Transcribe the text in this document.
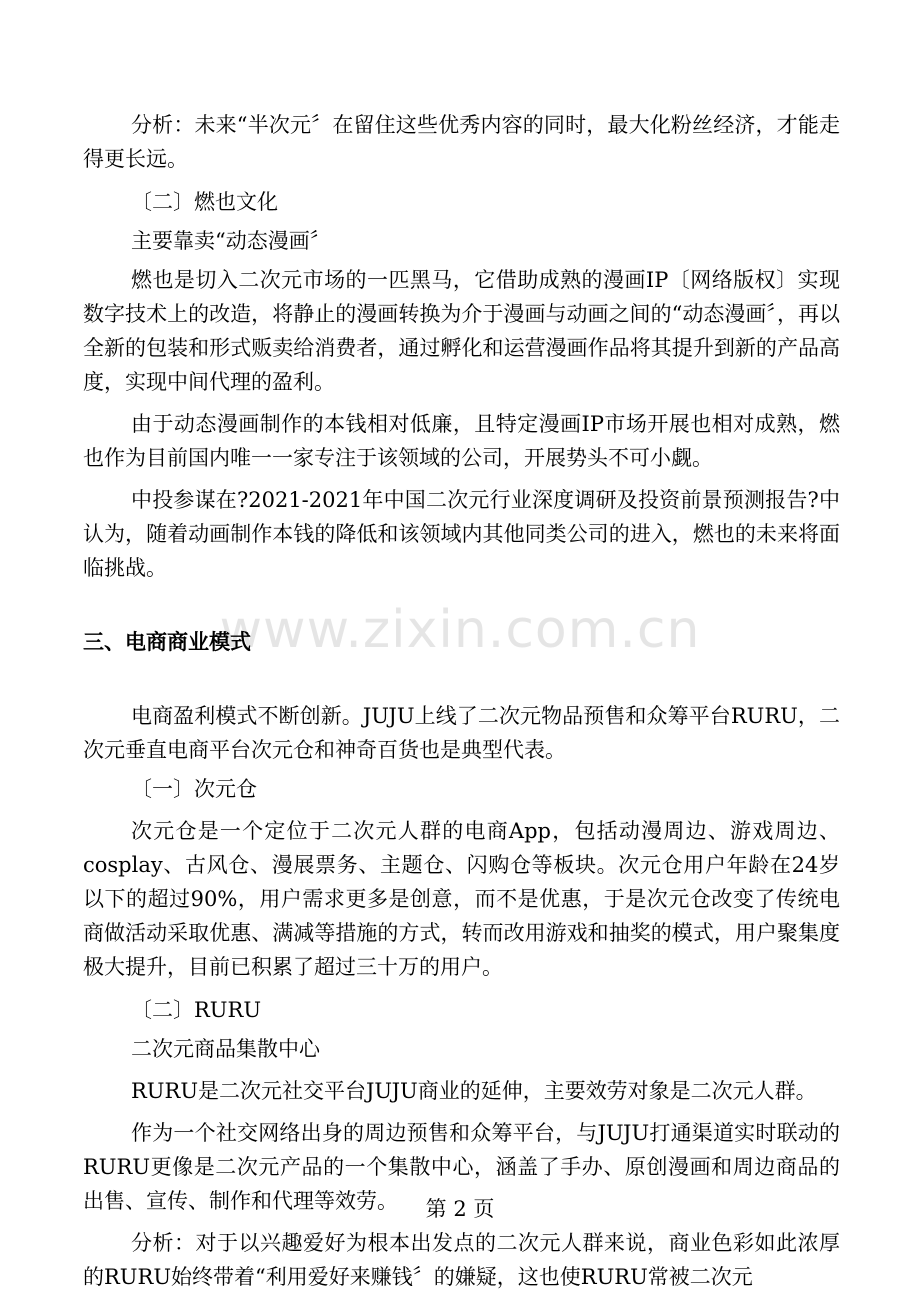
www.zixin.com.cn

分析：未来“半次元〞在留住这些优秀内容的同时，最大化粉丝经济，才能走得更长远。

〔二〕燃也文化

主要靠卖“动态漫画〞

燃也是切入二次元市场的一匹黑马，它借助成熟的漫画IP〔网络版权〕实现数字技术上的改造，将静止的漫画转换为介于漫画与动画之间的“动态漫画〞，再以全新的包装和形式贩卖给消费者，通过孵化和运营漫画作品将其提升到新的产品高度，实现中间代理的盈利。

由于动态漫画制作的本钱相对低廉，且特定漫画IP市场开展也相对成熟，燃也作为目前国内唯一一家专注于该领域的公司，开展势头不可小觑。

中投参谋在?2021-2021年中国二次元行业深度调研及投资前景预测报告?中认为，随着动画制作本钱的降低和该领域内其他同类公司的进入，燃也的未来将面临挑战。

三、电商商业模式

电商盈利模式不断创新。JUJU上线了二次元物品预售和众筹平台RURU，二次元垂直电商平台次元仓和神奇百货也是典型代表。

〔一〕次元仓

次元仓是一个定位于二次元人群的电商App，包括动漫周边、游戏周边、cosplay、古风仓、漫展票务、主题仓、闪购仓等板块。次元仓用户年龄在24岁以下的超过90%，用户需求更多是创意，而不是优惠，于是次元仓改变了传统电商做活动采取优惠、满减等措施的方式，转而改用游戏和抽奖的模式，用户聚集度极大提升，目前已积累了超过三十万的用户。

〔二〕RURU

二次元商品集散中心

RURU是二次元社交平台JUJU商业的延伸，主要效劳对象是二次元人群。

作为一个社交网络出身的周边预售和众筹平台，与JUJU打通渠道实时联动的RURU更像是二次元产品的一个集散中心，涵盖了手办、原创漫画和周边商品的出售、宣传、制作和代理等效劳。

分析：对于以兴趣爱好为根本出发点的二次元人群来说，商业色彩如此浓厚的RURU始终带着“利用爱好来赚钱〞的嫌疑，这也使RURU常被二次元

第 2 页
